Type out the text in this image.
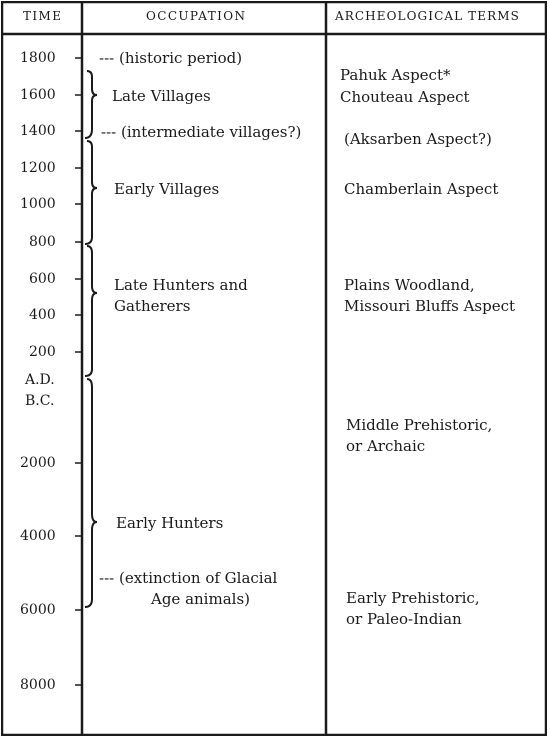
TIME	OCCUPATION	ARCHEOLOGICAL TERMS
1800
1600
1400
1200
1000
800
600
400
200
A.D.
B.C.
2000
4000
6000
8000
--- (historic period)
Late Villages
--- (intermediate villages?)
Early Villages
Late Hunters and
Gatherers
Early Hunters
--- (extinction of Glacial
Age animals)
Pahuk Aspect*
Chouteau Aspect
(Aksarben Aspect?)
Chamberlain Aspect
Plains Woodland,
Missouri Bluffs Aspect
Middle Prehistoric,
or Archaic
Early Prehistoric,
or Paleo-Indian
